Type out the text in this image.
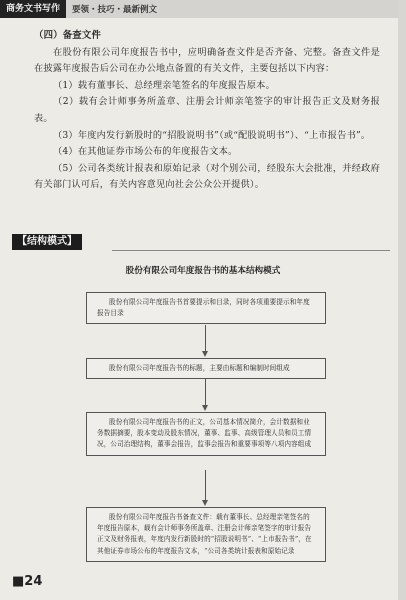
商务文书写作	要领・技巧・最新例文
（四）备查文件

在股份有限公司年度报告书中，应明确备查文件是否齐备、完整。备查文件是在披露年度报告后公司在办公地点备置的有关文件，主要包括以下内容：

（1）载有董事长、总经理亲笔签名的年度报告原本。

（2）载有会计师事务所盖章、注册会计师亲笔签字的审计报告正文及财务报表。

（3）年度内发行新股时的“招股说明书”（或“配股说明书”）、“上市报告书”。

（4）在其他证券市场公布的年度报告文本。

（5）公司各类统计报表和原始记录（对个别公司，经股东大会批准，并经政府有关部门认可后，有关内容意见向社会公众公开提供）。

【结构模式】
股份有限公司年度报告书的基本结构模式
股份有限公司年度报告书首要提示和目录，同时各项重要提示和年度报告目录
股份有限公司年度报告书的标题，主要由标题和编制时间组成
股份有限公司年度报告书的正文，公司基本情况简介，会计数据和业务数据摘要，股本变动及股东情况，董事、监事、高级管理人员和员工情况，公司治理结构，董事会报告，监事会报告和重要事项等八项内容组成
股份有限公司年度报告书备查文件：载有董事长、总经理亲笔签名的年度报告原本，载有会计师事务所盖章、注册会计师亲笔签字的审计报告正文及财务报表，年度内发行新股时的“招股说明书”、“上市报告书”，在其他证券市场公布的年度报告文本，“公司各类统计报表和原始记录
■24
